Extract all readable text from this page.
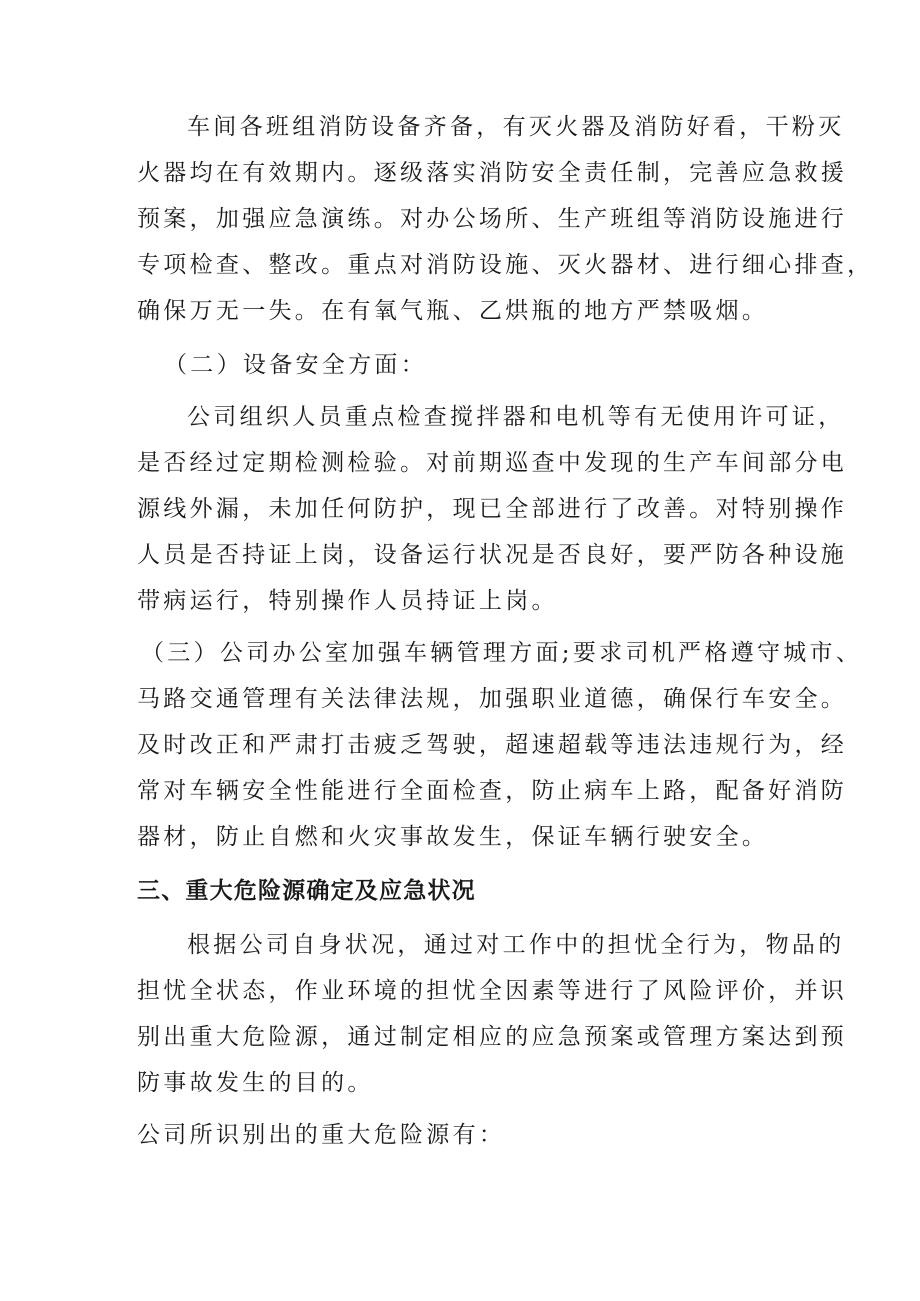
车间各班组消防设备齐备，有灭火器及消防好看，干粉灭
火器均在有效期内。逐级落实消防安全责任制，完善应急救援
预案，加强应急演练。对办公场所、生产班组等消防设施进行
专项检查、整改。重点对消防设施、灭火器材、进行细心排查，
确保万无一失。在有氧气瓶、乙烘瓶的地方严禁吸烟。
（二）设备安全方面：
公司组织人员重点检查搅拌器和电机等有无使用许可证，
是否经过定期检测检验。对前期巡查中发现的生产车间部分电
源线外漏，未加任何防护，现已全部进行了改善。对特别操作
人员是否持证上岗，设备运行状况是否良好，要严防各种设施
带病运行，特别操作人员持证上岗。
（三）公司办公室加强车辆管理方面;要求司机严格遵守城市、
马路交通管理有关法律法规，加强职业道德，确保行车安全。
及时改正和严肃打击疲乏驾驶，超速超载等违法违规行为，经
常对车辆安全性能进行全面检查，防止病车上路，配备好消防
器材，防止自燃和火灾事故发生，保证车辆行驶安全。
三、重大危险源确定及应急状况
根据公司自身状况，通过对工作中的担忧全行为，物品的
担忧全状态，作业环境的担忧全因素等进行了风险评价，并识
别出重大危险源，通过制定相应的应急预案或管理方案达到预
防事故发生的目的。
公司所识别出的重大危险源有：
